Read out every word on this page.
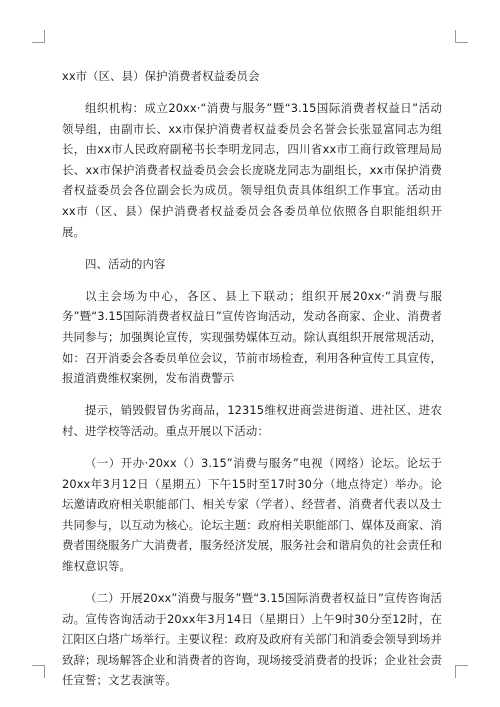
xx市（区、县）保护消费者权益委员会

组织机构：成立20xx·“消费与服务”暨“3.15国际消费者权益日”活动领导组，由副市长、xx市保护消费者权益委员会名誉会长张显富同志为组长，由xx市人民政府副秘书长李明龙同志，四川省xx市工商行政管理局局长、xx市保护消费者权益委员会会长庞晓龙同志为副组长，xx市保护消费者权益委员会各位副会长为成员。领导组负责具体组织工作事宜。活动由xx市（区、县）保护消费者权益委员会各委员单位依照各自职能组织开展。

四、活动的内容

以主会场为中心，各区、县上下联动；组织开展20xx·“消费与服务”暨“3.15国际消费者权益日”宣传咨询活动，发动各商家、企业、消费者共同参与；加强舆论宣传，实现强势媒体互动。除认真组织开展常规活动，如：召开消委会各委员单位会议，节前市场检查，利用各种宣传工具宣传，报道消费维权案例，发布消费警示

提示，销毁假冒伪劣商品，12315维权进商尝进街道、进社区、进农村、进学校等活动。重点开展以下活动：

（一）开办·20xx（）3.15”消费与服务”电视（网络）论坛。论坛于20xx年3月12日（星期五）下午15时至17时30分（地点待定）举办。论坛邀请政府相关职能部门、相关专家（学者）、经营者、消费者代表以及士共同参与，以互动为核心。论坛主题：政府相关职能部门、媒体及商家、消费者围绕服务广大消费者，服务经济发展，服务社会和谐肩负的社会责任和维权意识等。

（二）开展20xx”消费与服务”暨“3.15国际消费者权益日”宣传咨询活动。宣传咨询活动于20xx年3月14日（星期日）上午9时30分至12时，在江阳区白塔广场举行。主要议程：政府及政府有关部门和消委会领导到场并致辞；现场解答企业和消费者的咨询，现场接受消费者的投诉；企业社会责任宣誓；文艺表演等。
